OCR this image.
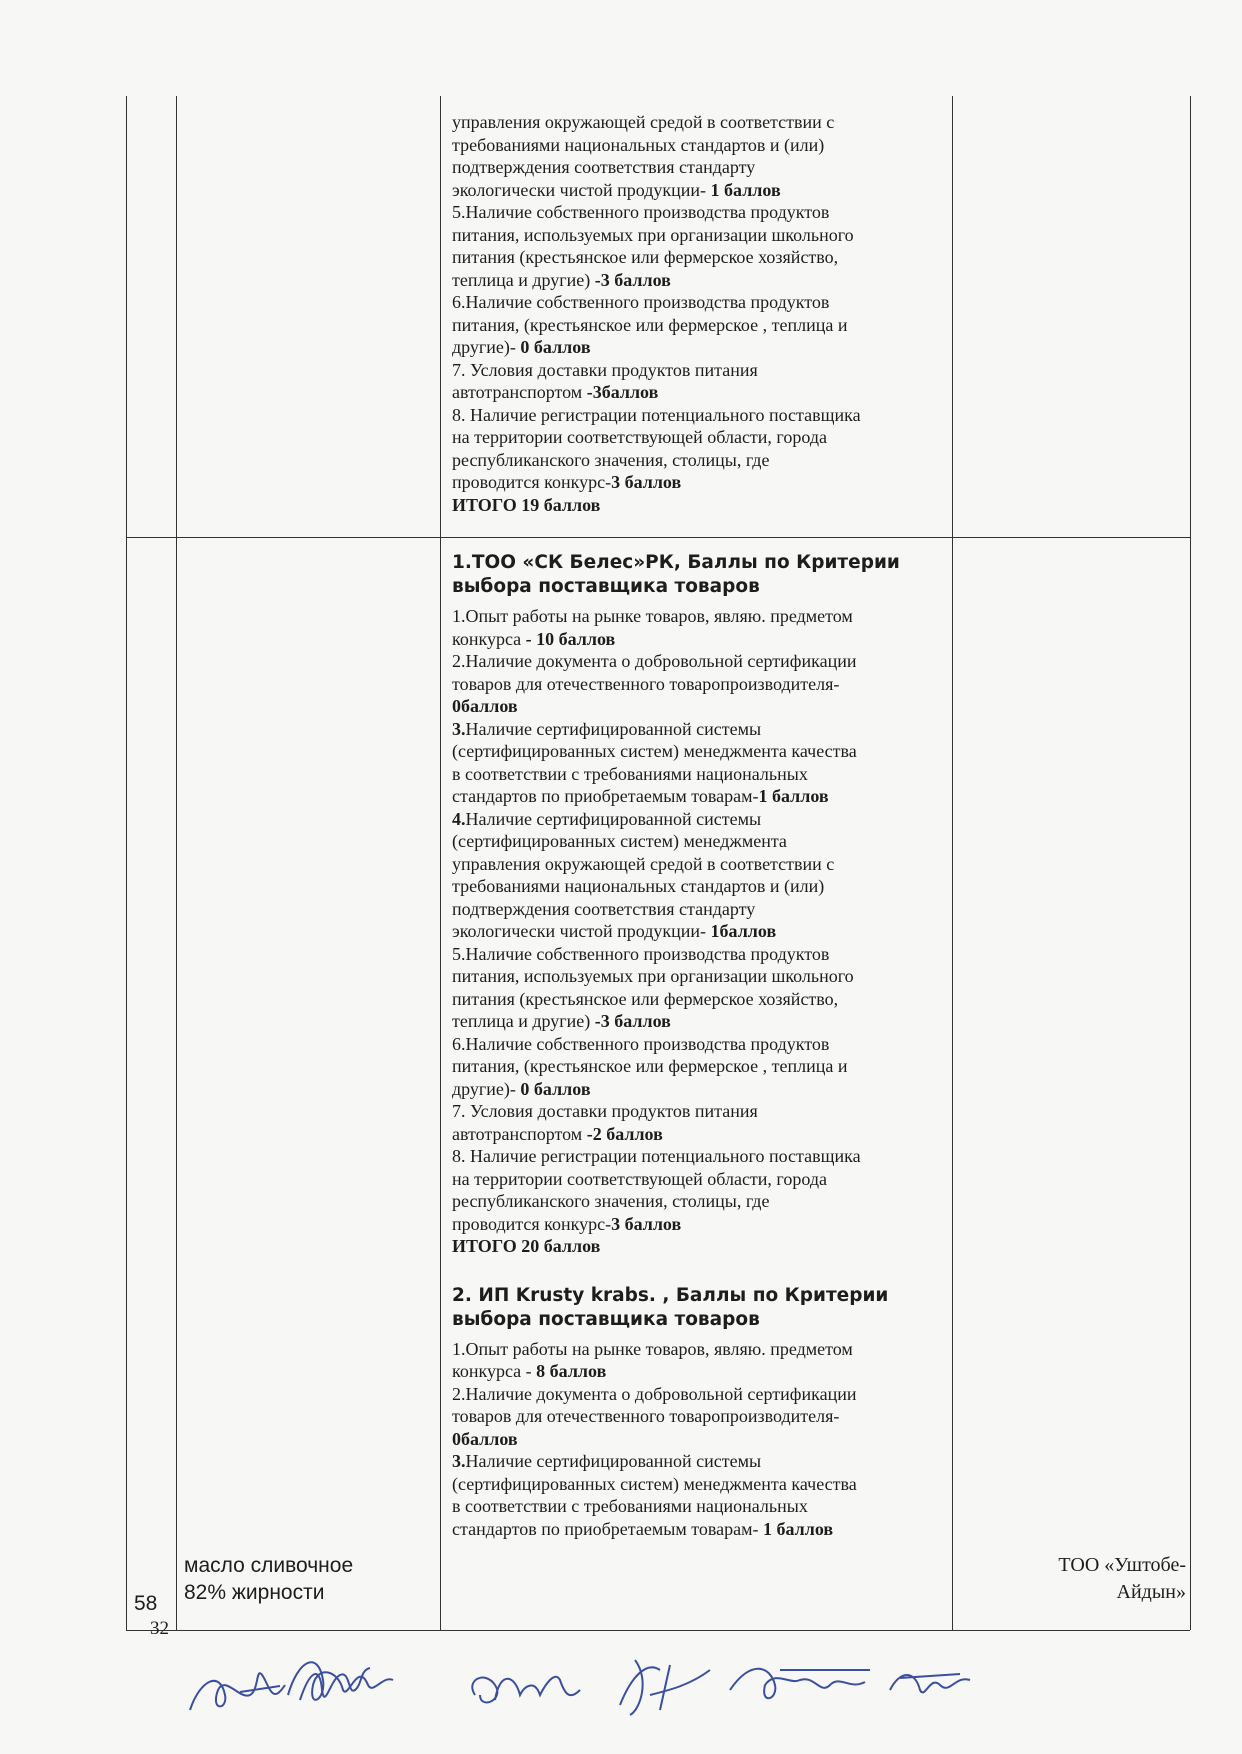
управления окружающей средой в соответствии с

требованиями национальных стандартов и (или)

подтверждения соответствия стандарту

экологически чистой продукции- 1 баллов

5.Наличие собственного производства продуктов

питания, используемых при организации школьного

питания (крестьянское или фермерское хозяйство,

теплица и другие) -3 баллов

6.Наличие собственного производства продуктов

питания, (крестьянское или фермерское , теплица и

другие)- 0 баллов

7. Условия доставки продуктов питания

автотранспортом -3баллов

8. Наличие регистрации потенциального поставщика

на территории соответствующей области, города

республиканского значения, столицы, где

проводится конкурс-3 баллов

ИТОГО 19 баллов

1.ТОО «СК Белес»РК, Баллы по Критерии

выбора поставщика товаров

1.Опыт работы на рынке товаров, являю. предметом

конкурса - 10 баллов

2.Наличие документа о добровольной сертификации

товаров для отечественного товаропроизводителя-

0баллов

3.Наличие сертифицированной системы

(сертифицированных систем) менеджмента качества

в соответствии с требованиями национальных

стандартов по приобретаемым товарам-1 баллов

4.Наличие сертифицированной системы

(сертифицированных систем) менеджмента

управления окружающей средой в соответствии с

требованиями национальных стандартов и (или)

подтверждения соответствия стандарту

экологически чистой продукции- 1баллов

5.Наличие собственного производства продуктов

питания, используемых при организации школьного

питания (крестьянское или фермерское хозяйство,

теплица и другие) -3 баллов

6.Наличие собственного производства продуктов

питания, (крестьянское или фермерское , теплица и

другие)- 0 баллов

7. Условия доставки продуктов питания

автотранспортом -2 баллов

8. Наличие регистрации потенциального поставщика

на территории соответствующей области, города

республиканского значения, столицы, где

проводится конкурс-3 баллов

ИТОГО 20 баллов

2. ИП Krusty krabs. , Баллы по Критерии

выбора поставщика товаров

1.Опыт работы на рынке товаров, являю. предметом

конкурса - 8 баллов

2.Наличие документа о добровольной сертификации

товаров для отечественного товаропроизводителя-

0баллов

3.Наличие сертифицированной системы

(сертифицированных систем) менеджмента качества

в соответствии с требованиями национальных

стандартов по приобретаемым товарам- 1 баллов

58

масло сливочное

82% жирности

ТОО «Уштобе-

Айдын»

32
